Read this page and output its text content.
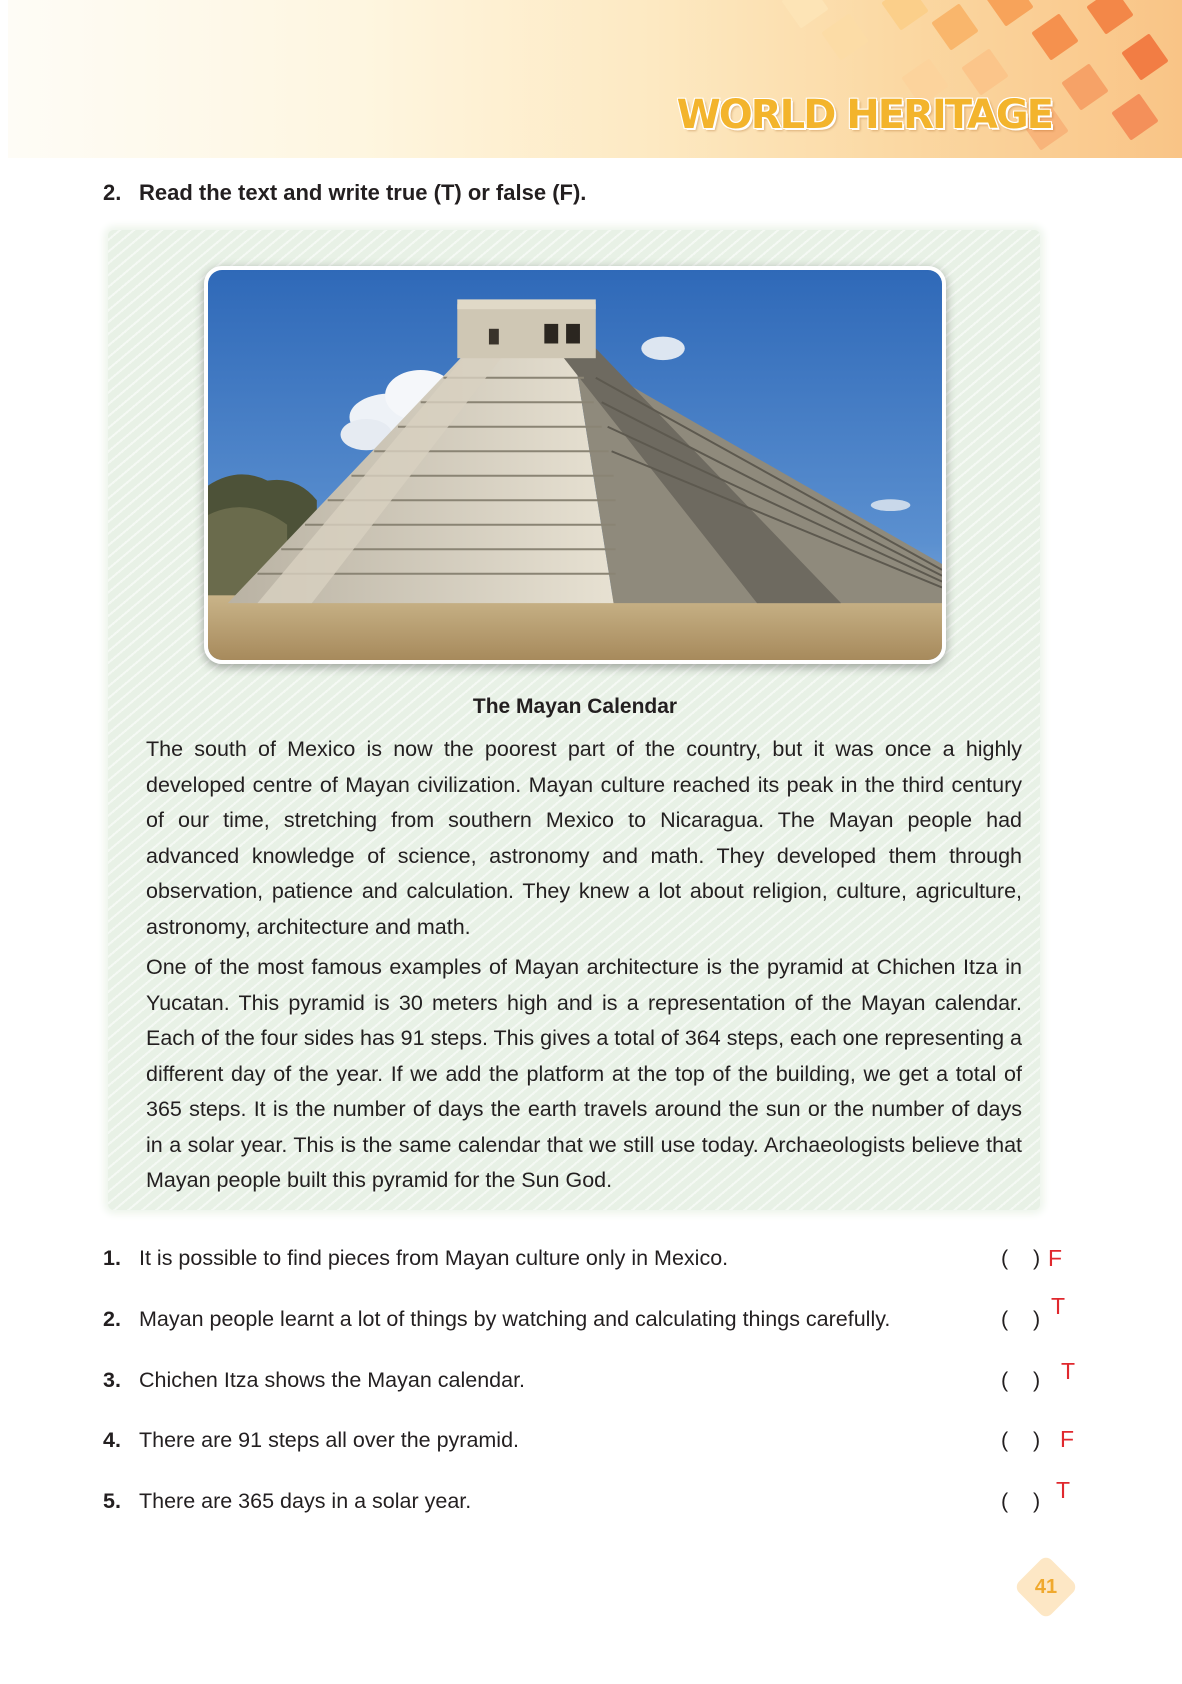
WORLD HERITAGE
2. Read the text and write true (T) or false (F).
The Mayan Calendar

The south of Mexico is now the poorest part of the country, but it was once a highly developed centre of Mayan civilization. Mayan culture reached its peak in the third century of our time, stretching from southern Mexico to Nicaragua. The Mayan people had advanced knowledge of science, astronomy and math. They developed them through observation, patience and calculation. They knew a lot about religion, culture, agriculture, astronomy, architecture and math.

One of the most famous examples of Mayan architecture is the pyramid at Chichen Itza in Yucatan. This pyramid is 30 meters high and is a representation of the Mayan calendar. Each of the four sides has 91 steps. This gives a total of 364 steps, each one representing a different day of the year. If we add the platform at the top of the building, we get a total of 365 steps. It is the number of days the earth travels around the sun or the number of days in a solar year. This is the same calendar that we still use today. Archaeologists believe that Mayan people built this pyramid for the Sun God.

1. It is possible to find pieces from Mayan culture only in Mexico.	( ) F
2. Mayan people learnt a lot of things by watching and calculating things carefully.	( ) T
3. Chichen Itza shows the Mayan calendar.	( ) T
4. There are 91 steps all over the pyramid.	( ) F
5. There are 365 days in a solar year.	( ) T
41
